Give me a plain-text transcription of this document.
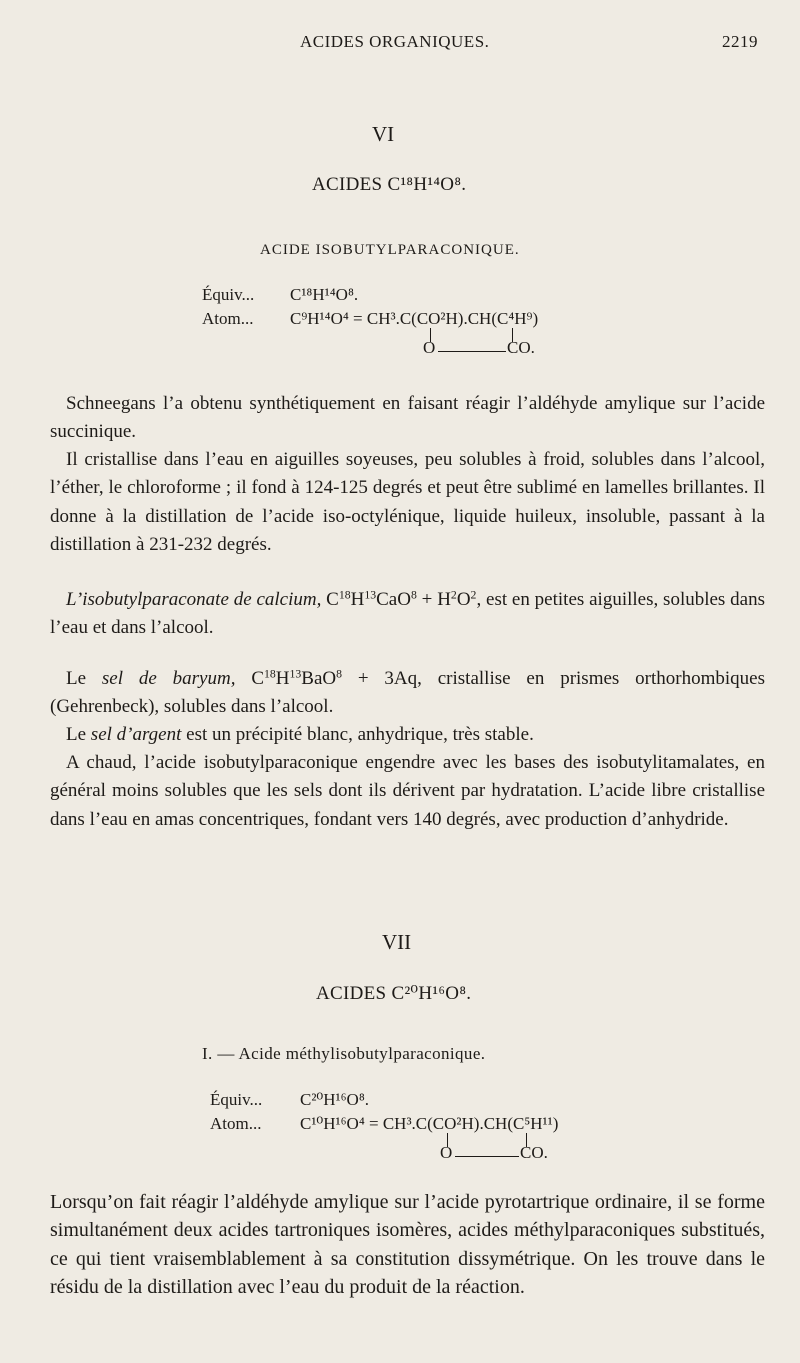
ACIDES ORGANIQUES.	2219
VI
ACIDES C¹⁸H¹⁴O⁸.
ACIDE ISOBUTYLPARACONIQUE.
Équiv... C¹⁸H¹⁴O⁸.
Atom... C⁹H¹⁴O⁴ = CH³.C(CO²H).CH(C⁴H⁹)
O	CO.

Schneegans l’a obtenu synthétiquement en faisant réagir l’aldéhyde amylique sur l’acide succinique.

Il cristallise dans l’eau en aiguilles soyeuses, peu solubles à froid, solubles dans l’alcool, l’éther, le chloroforme ; il fond à 124-125 degrés et peut être sublimé en lamelles brillantes. Il donne à la distillation de l’acide iso-octylénique, liquide huileux, insoluble, passant à la distillation à 231-232 degrés.

L’isobutylparaconate de calcium, $C^{18}H^{13}CaO^8 + H^2O^2$, est en petites aiguilles, solubles dans l’eau et dans l’alcool.

Le sel de baryum, $C^{18}H^{13}BaO^8 + 3Aq$, cristallise en prismes orthorhombiques (Gehrenbeck), solubles dans l’alcool.

Le sel d’argent est un précipité blanc, anhydrique, très stable.

A chaud, l’acide isobutylparaconique engendre avec les bases des isobutylitamalates, en général moins solubles que les sels dont ils dérivent par hydratation. L’acide libre cristallise dans l’eau en amas concentriques, fondant vers 140 degrés, avec production d’anhydride.

VII
ACIDES C²⁰H¹⁶O⁸.
I. — Acide méthylisobutylparaconique.
Équiv... C²⁰H¹⁶O⁸.
Atom... C¹⁰H¹⁶O⁴ = CH³.C(CO²H).CH(C⁵H¹¹)
O	CO.

Lorsqu’on fait réagir l’aldéhyde amylique sur l’acide pyrotartrique ordinaire, il se forme simultanément deux acides tartroniques isomères, acides méthylparaconiques substitués, ce qui tient vraisemblablement à sa constitution dissymétrique. On les trouve dans le résidu de la distillation avec l’eau du produit de la réaction.
